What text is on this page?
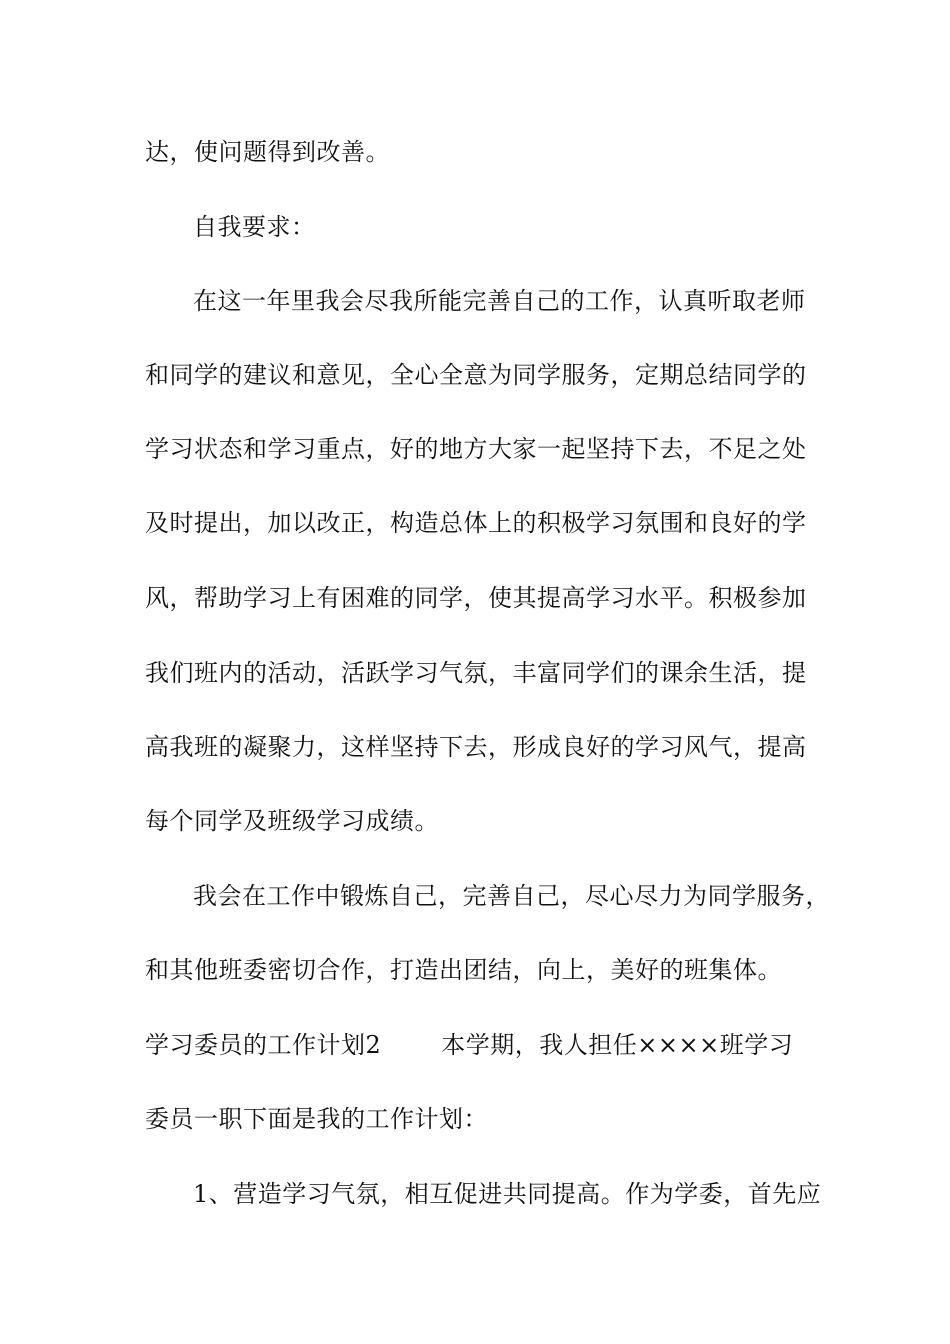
达，使问题得到改善。
自我要求：
在这一年里我会尽我所能完善自己的工作，认真听取老师
和同学的建议和意见，全心全意为同学服务，定期总结同学的
学习状态和学习重点，好的地方大家一起坚持下去，不足之处
及时提出，加以改正，构造总体上的积极学习氛围和良好的学
风，帮助学习上有困难的同学，使其提高学习水平。积极参加
我们班内的活动，活跃学习气氛，丰富同学们的课余生活，提
高我班的凝聚力，这样坚持下去，形成良好的学习风气，提高
每个同学及班级学习成绩。
我会在工作中锻炼自己，完善自己，尽心尽力为同学服务，
和其他班委密切合作，打造出团结，向上，美好的班集体。
学习委员的工作计划2	本学期，我人担任××××班学习
委员一职下面是我的工作计划：
1、营造学习气氛，相互促进共同提高。作为学委，首先应
